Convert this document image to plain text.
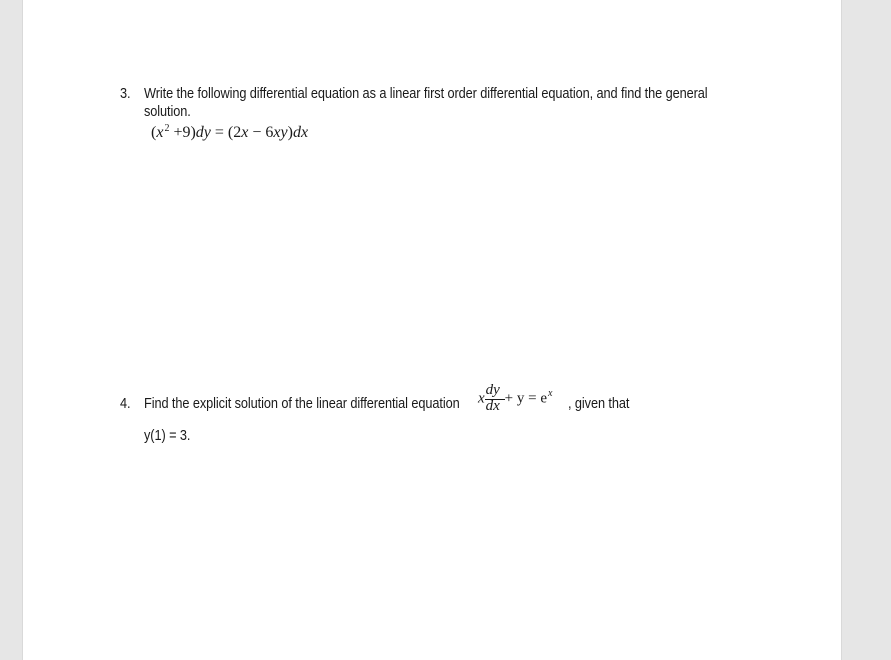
3. Write the following differential equation as a linear first order differential equation, and find the general
solution.
$(x^2 +9)dy = (2x - 6xy)dx$
4. Find the explicit solution of the linear differential equation x $\frac{dy}{dx} + y = e^x$
, given that
y(1) = 3.
